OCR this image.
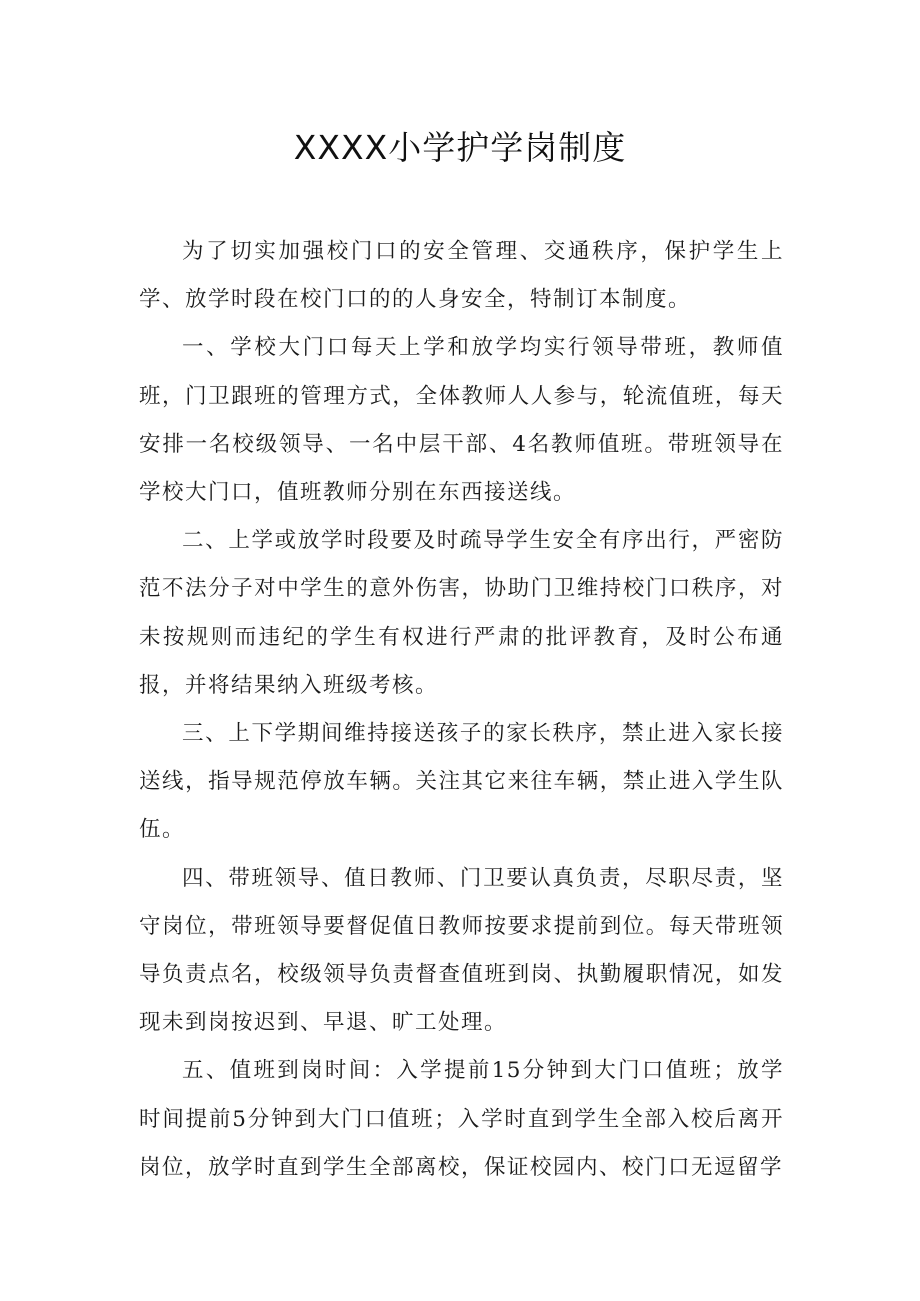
XXXX小学护学岗制度

为了切实加强校门口的安全管理、交通秩序，保护学生上学、放学时段在校门口的的人身安全，特制订本制度。

一、学校大门口每天上学和放学均实行领导带班，教师值班，门卫跟班的管理方式，全体教师人人参与，轮流值班，每天安排一名校级领导、一名中层干部、4名教师值班。带班领导在学校大门口，值班教师分别在东西接送线。

二、上学或放学时段要及时疏导学生安全有序出行，严密防范不法分子对中学生的意外伤害，协助门卫维持校门口秩序，对未按规则而违纪的学生有权进行严肃的批评教育，及时公布通报，并将结果纳入班级考核。

三、上下学期间维持接送孩子的家长秩序，禁止进入家长接送线，指导规范停放车辆。关注其它来往车辆，禁止进入学生队伍。

四、带班领导、值日教师、门卫要认真负责，尽职尽责，坚守岗位，带班领导要督促值日教师按要求提前到位。每天带班领导负责点名，校级领导负责督查值班到岗、执勤履职情况，如发现未到岗按迟到、早退、旷工处理。

五、值班到岗时间：入学提前15分钟到大门口值班；放学时间提前5分钟到大门口值班；入学时直到学生全部入校后离开岗位，放学时直到学生全部离校，保证校园内、校门口无逗留学
